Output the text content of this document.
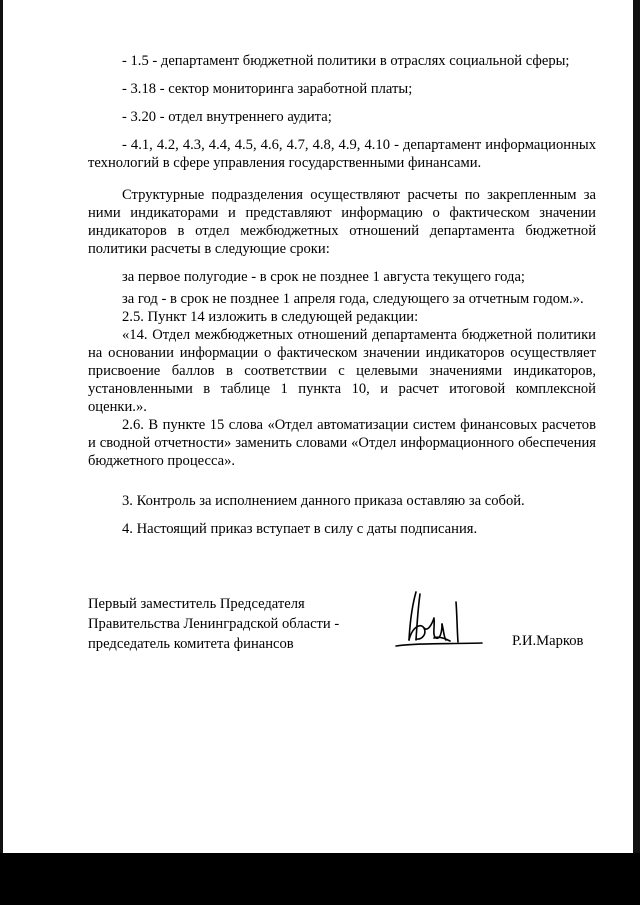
- 1.5 - департамент бюджетной политики в отраслях социальной сферы;

- 3.18 - сектор мониторинга заработной платы;

- 3.20 - отдел внутреннего аудита;

- 4.1, 4.2, 4.3, 4.4, 4.5, 4.6, 4.7, 4.8, 4.9, 4.10 - департамент информационных технологий в сфере управления государственными финансами.

Структурные подразделения осуществляют расчеты по закрепленным за ними индикаторами и представляют информацию о фактическом значении индикаторов в отдел межбюджетных отношений департамента бюджетной политики расчеты в следующие сроки:

за первое полугодие - в срок не позднее 1 августа текущего года;

за год - в срок не позднее 1 апреля года, следующего за отчетным годом.».

2.5. Пункт 14 изложить в следующей редакции:

«14. Отдел межбюджетных отношений департамента бюджетной политики на основании информации о фактическом значении индикаторов осуществляет присвоение баллов в соответствии с целевыми значениями индикаторов, установленными в таблице 1 пункта 10, и расчет итоговой комплексной оценки.».

2.6. В пункте 15 слова «Отдел автоматизации систем финансовых расчетов и сводной отчетности» заменить словами «Отдел информационного обеспечения бюджетного процесса».

3. Контроль за исполнением данного приказа оставляю за собой.

4. Настоящий приказ вступает в силу с даты подписания.

Первый заместитель Председателя

Правительства Ленинградской области -

председатель комитета финансов	Р.И.Марков
